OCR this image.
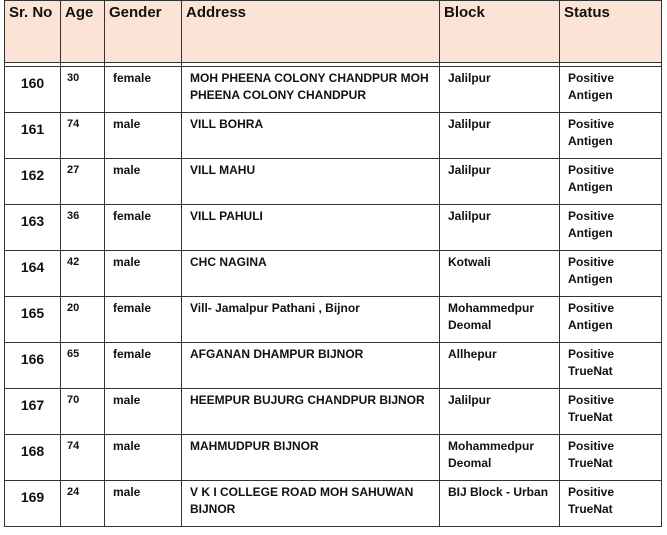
Sr. No	Age	Gender	Address	Block	Status

160	30	female	MOH PHEENA COLONY CHANDPUR MOH PHEENA COLONY CHANDPUR	Jalilpur	Positive Antigen
161	74	male	VILL BOHRA	Jalilpur	Positive Antigen
162	27	male	VILL MAHU	Jalilpur	Positive Antigen
163	36	female	VILL PAHULI	Jalilpur	Positive Antigen
164	42	male	CHC NAGINA	Kotwali	Positive Antigen
165	20	female	Vill- Jamalpur Pathani , Bijnor	Mohammedpur Deomal	Positive Antigen
166	65	female	AFGANAN DHAMPUR BIJNOR	Allhepur	Positive TrueNat
167	70	male	HEEMPUR BUJURG CHANDPUR BIJNOR	Jalilpur	Positive TrueNat
168	74	male	MAHMUDPUR BIJNOR	Mohammedpur Deomal	Positive TrueNat
169	24	male	V K I COLLEGE ROAD MOH SAHUWAN BIJNOR	BIJ Block - Urban	Positive TrueNat
